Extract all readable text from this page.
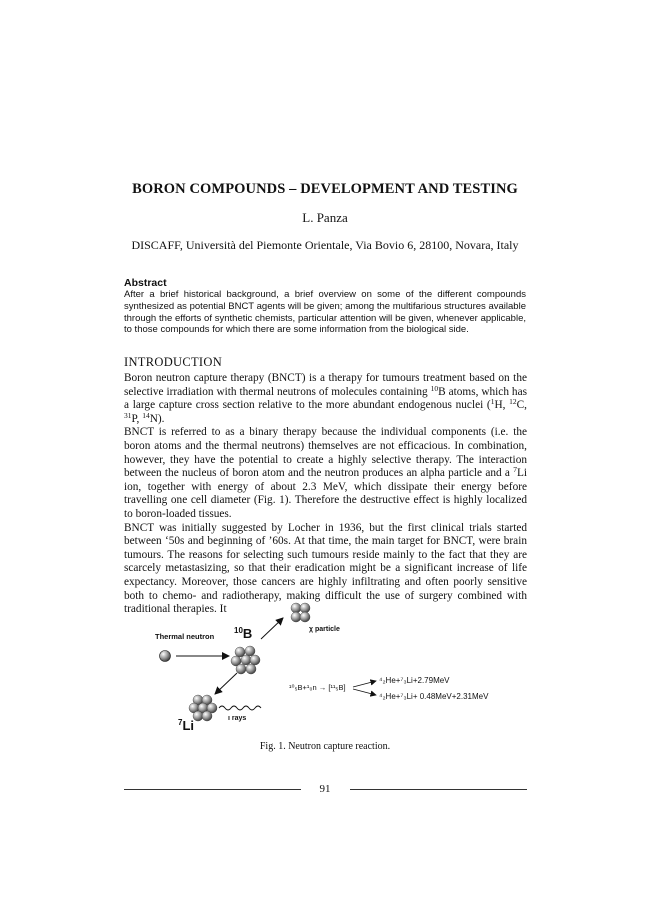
BORON COMPOUNDS – DEVELOPMENT AND TESTING
L. Panza
DISCAFF, Università del Piemonte Orientale, Via Bovio 6, 28100, Novara, Italy
Abstract
After a brief historical background, a brief overview on some of the different compounds synthesized as potential BNCT agents will be given; among the multifarious structures available through the efforts of synthetic chemists, particular attention will be given, whenever applicable, to those compounds for which there are some information from the biological side.
INTRODUCTION

Boron neutron capture therapy (BNCT) is a therapy for tumours treatment based on the selective irradiation with thermal neutrons of molecules containing $^{10}$B atoms, which has a large capture cross section relative to the more abundant endogenous nuclei ($^1$H, $^{12}$C, $^{31}$P, $^{14}$N).

BNCT is referred to as a binary therapy because the individual components (i.e. the boron atoms and the thermal neutrons) themselves are not efficacious. In combination, however, they have the potential to create a highly selective therapy. The interaction between the nucleus of boron atom and the neutron produces an alpha particle and a $^7$Li ion, together with energy of about 2.3 MeV, which dissipate their energy before travelling one cell diameter (Fig. 1). Therefore the destructive effect is highly localized to boron-loaded tissues.

BNCT was initially suggested by Locher in 1936, but the first clinical trials started between ‘50s and beginning of ’60s. At that time, the main target for BNCT, were brain tumours. The reasons for selecting such tumours reside mainly to the fact that they are scarcely metastasizing, so that their eradication might be a significant increase of life expectancy. Moreover, those cancers are highly infiltrating and often poorly sensitive both to chemo- and radiotherapy, making difficult the use of surgery combined with traditional therapies. It

Thermal neutron
$^{10}$B	χ particle
$^7$Li	ı rays
¹⁰₅B+¹₀n → [¹¹₅B]
⁴₂He+⁷₃Li+2.79MeV
⁴₂He+⁷₃Li+ 0.48MeV+2.31MeV
Fig. 1. Neutron capture reaction.
91
